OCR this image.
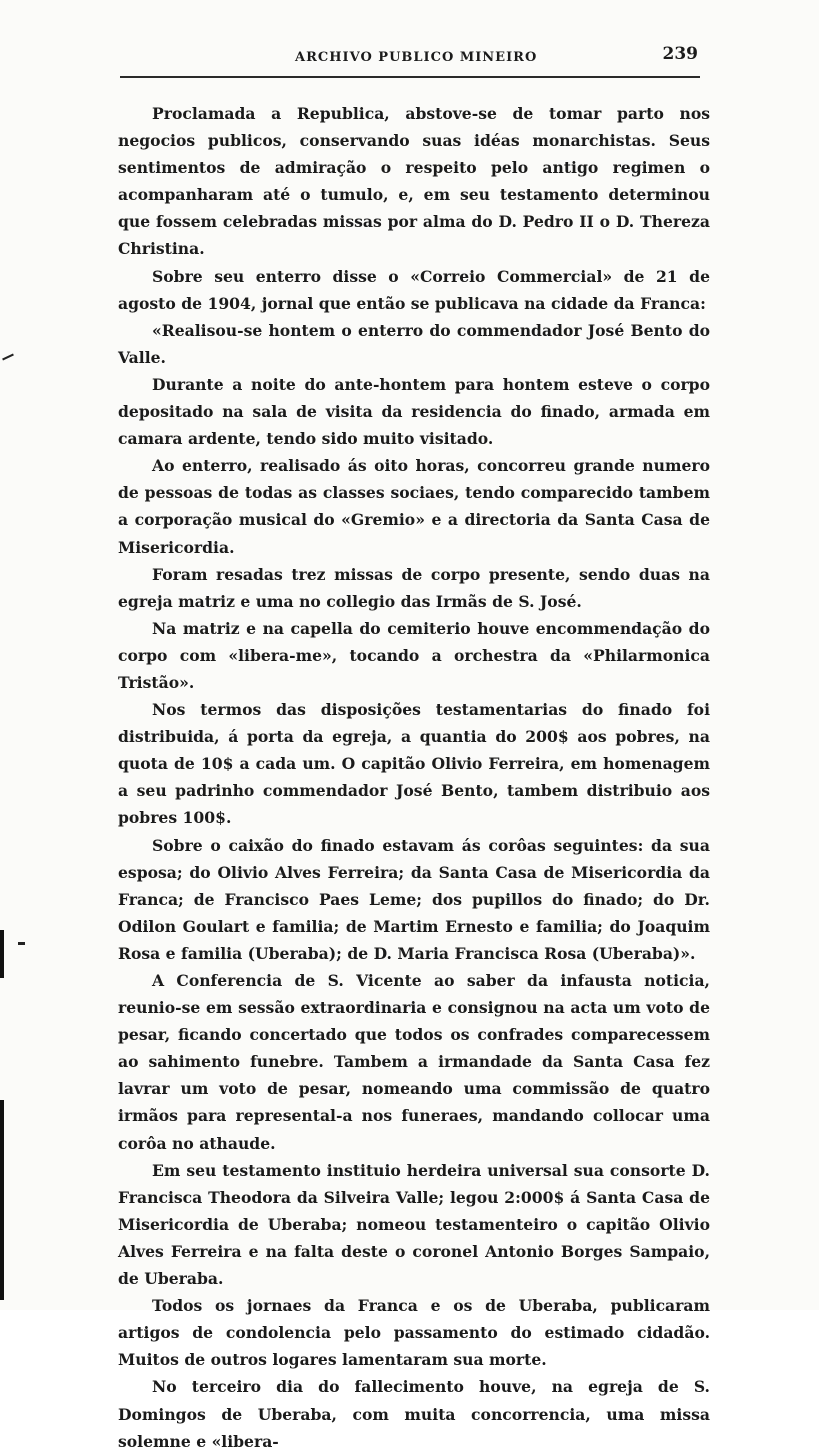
ARCHIVO PUBLICO MINEIRO	239

Proclamada a Republica, abstove-se de tomar parto nos negocios publicos, conservando suas idéas monarchistas. Seus sentimentos de admiração o respeito pelo antigo regimen o acompanharam até o tumulo, e, em seu testamento determinou que fossem celebradas missas por alma do D. Pedro II o D. Thereza Christina.

Sobre seu enterro disse o «Correio Commercial» de 21 de agosto de 1904, jornal que então se publicava na cidade da Franca:

«Realisou-se hontem o enterro do commendador José Bento do Valle.

Durante a noite do ante-hontem para hontem esteve o corpo depositado na sala de visita da residencia do finado, armada em camara ardente, tendo sido muito visitado.

Ao enterro, realisado ás oito horas, concorreu grande numero de pessoas de todas as classes sociaes, tendo comparecido tambem a corporação musical do «Gremio» e a directoria da Santa Casa de Misericordia.

Foram resadas trez missas de corpo presente, sendo duas na egreja matriz e uma no collegio das Irmãs de S. José.

Na matriz e na capella do cemiterio houve encommendação do corpo com «libera-me», tocando a orchestra da «Philarmonica Tristão».

Nos termos das disposições testamentarias do finado foi distribuida, á porta da egreja, a quantia do 200$ aos pobres, na quota de 10$ a cada um. O capitão Olivio Ferreira, em homenagem a seu padrinho commendador José Bento, tambem distribuio aos pobres 100$.

Sobre o caixão do finado estavam ás corôas seguintes: da sua esposa; do Olivio Alves Ferreira; da Santa Casa de Misericordia da Franca; de Francisco Paes Leme; dos pupillos do finado; do Dr. Odilon Goulart e familia; de Martim Ernesto e familia; do Joaquim Rosa e familia (Uberaba); de D. Maria Francisca Rosa (Uberaba)».

A Conferencia de S. Vicente ao saber da infausta noticia, reunio-se em sessão extraordinaria e consignou na acta um voto de pesar, ficando concertado que todos os confrades comparecessem ao sahimento funebre. Tambem a irmandade da Santa Casa fez lavrar um voto de pesar, nomeando uma commissão de quatro irmãos para represental-a nos funeraes, mandando collocar uma corôa no athaude.

Em seu testamento instituio herdeira universal sua consorte D. Francisca Theodora da Silveira Valle; legou 2:000$ á Santa Casa de Misericordia de Uberaba; nomeou testamenteiro o capitão Olivio Alves Ferreira e na falta deste o coronel Antonio Borges Sampaio, de Uberaba.

Todos os jornaes da Franca e os de Uberaba, publicaram artigos de condolencia pelo passamento do estimado cidadão. Muitos de outros logares lamentaram sua morte.

No terceiro dia do fallecimento houve, na egreja de S. Domingos de Uberaba, com muita concorrencia, uma missa solemne e «libera-
